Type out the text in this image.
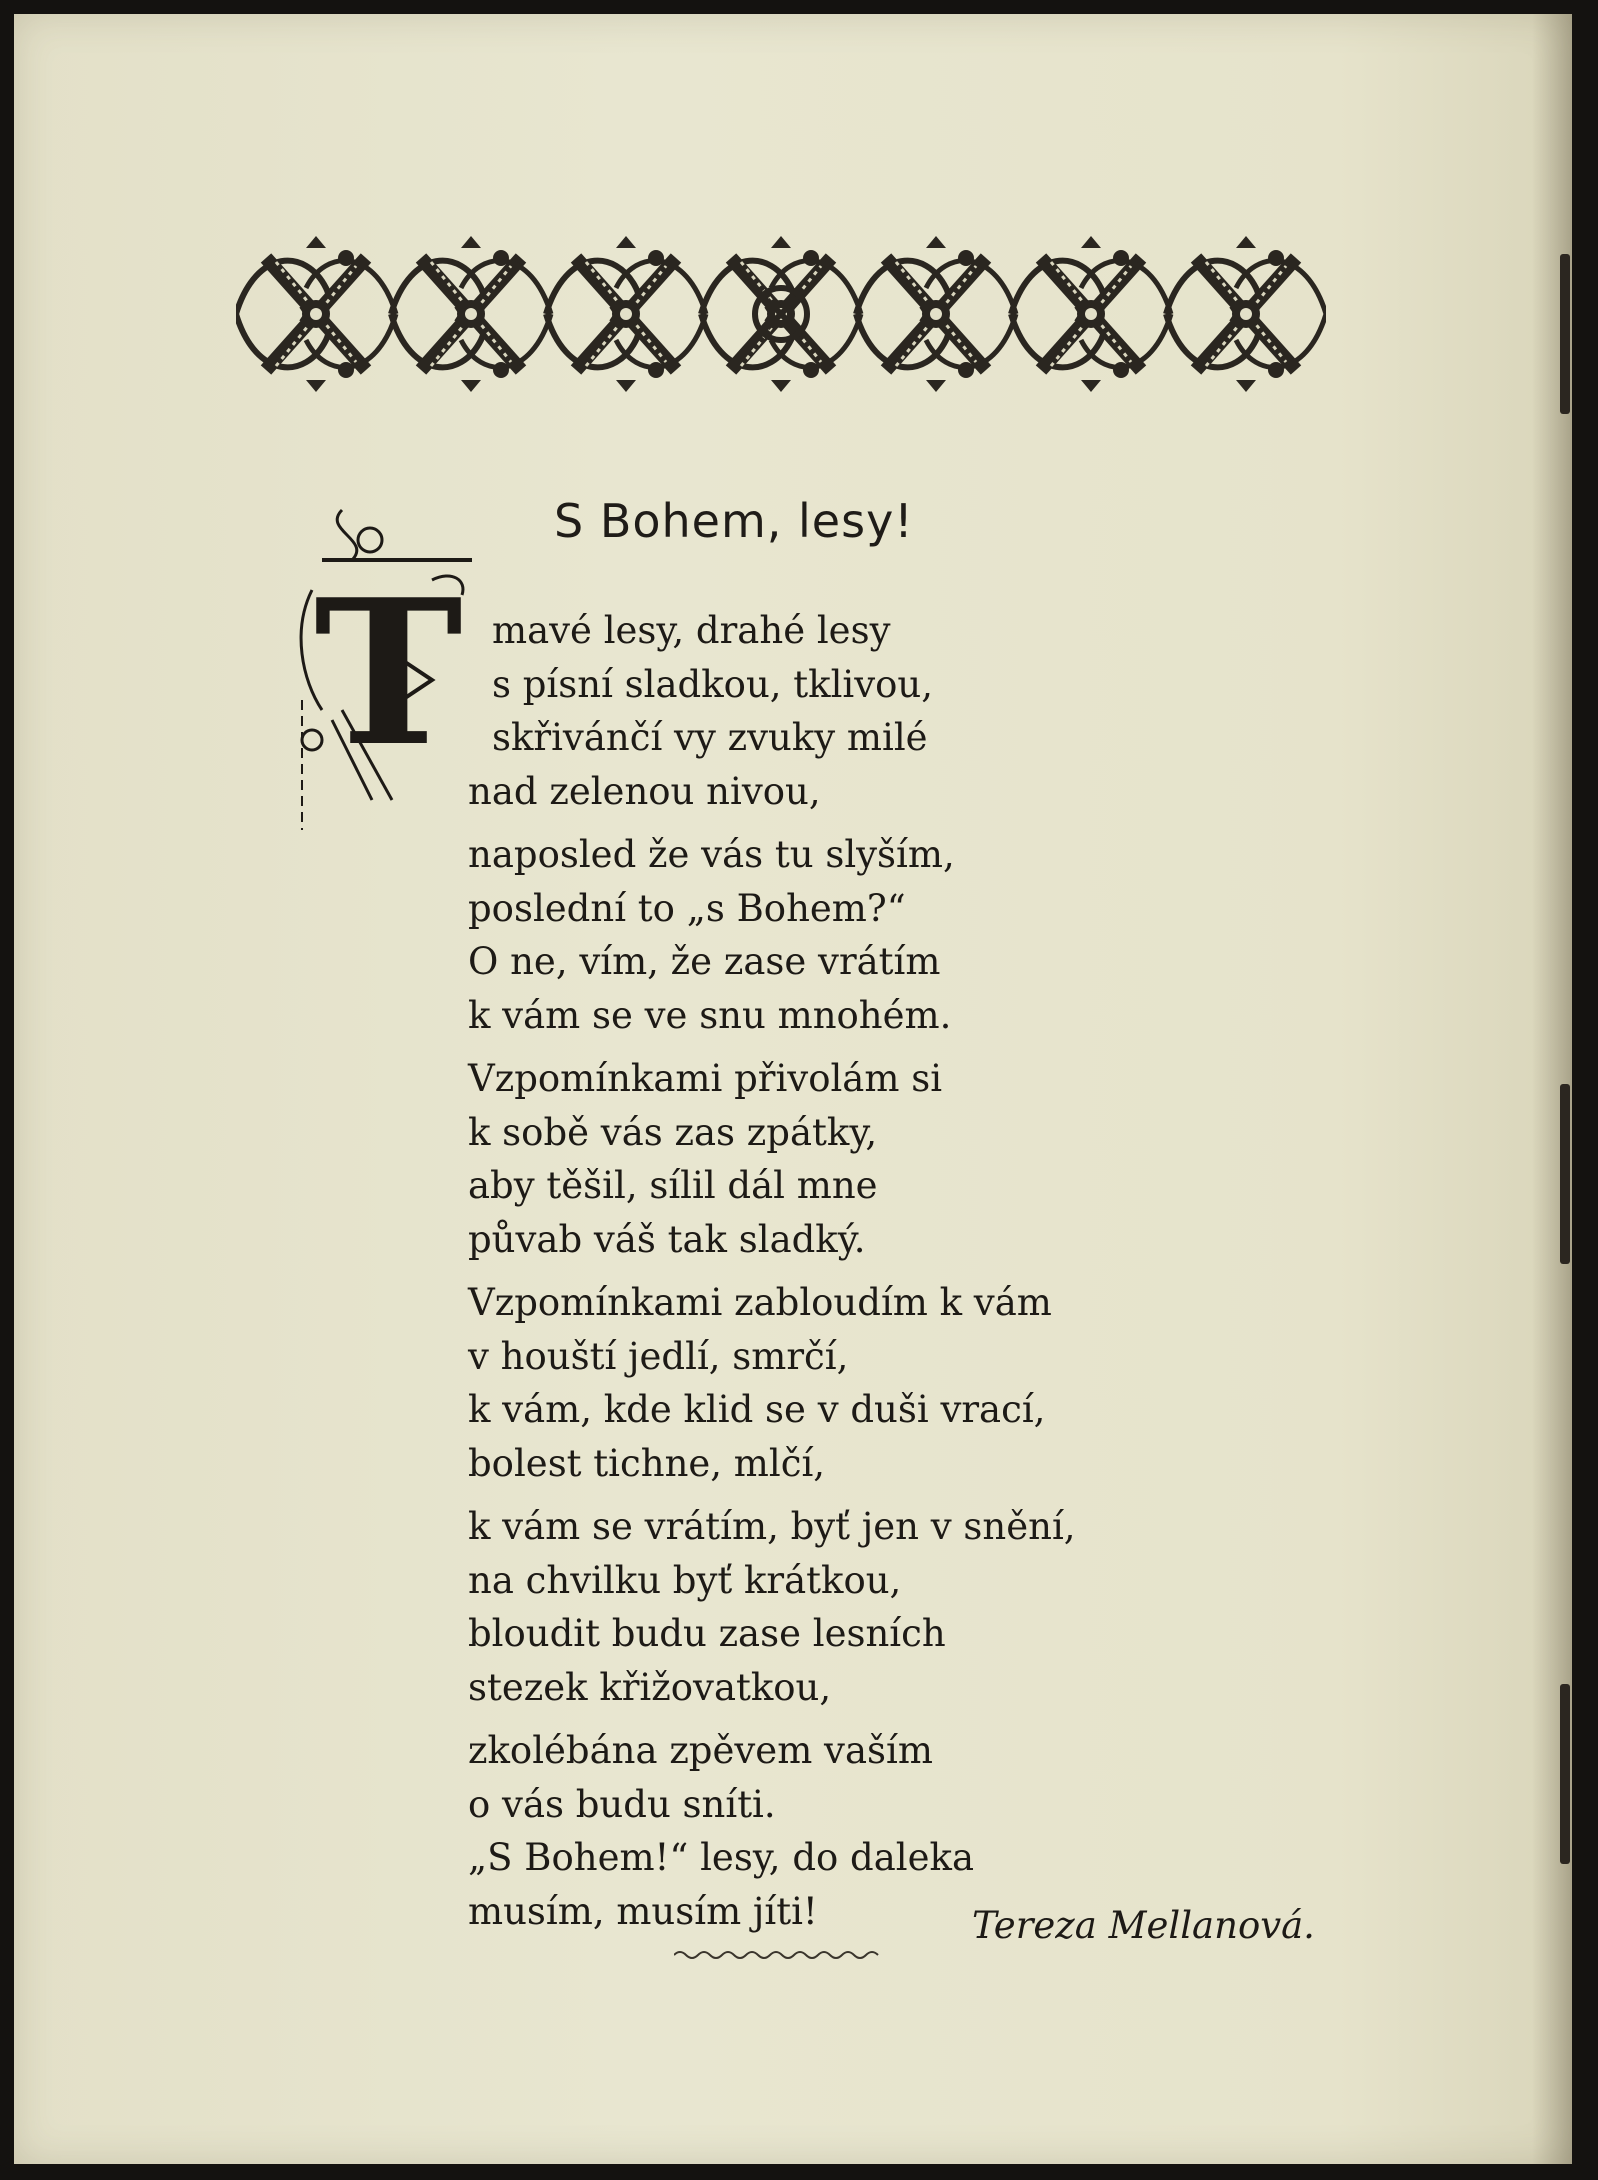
S Bohem, lesy!
T mavé lesy, drahé lesy
s písní sladkou, tklivou,
skřivánčí vy zvuky milé
nad zelenou nivou,
naposled že vás tu slyším,
poslední to „s Bohem?“
O ne, vím, že zase vrátím
k vám se ve snu mnohém.
Vzpomínkami přivolám si
k sobě vás zas zpátky,
aby těšil, sílil dál mne
půvab váš tak sladký.
Vzpomínkami zabloudím k vám
v houští jedlí, smrčí,
k vám, kde klid se v duši vrací,
bolest tichne, mlčí,
k vám se vrátím, byť jen v snění,
na chvilku byť krátkou,
bloudit budu zase lesních
stezek křižovatkou,
zkolébána zpěvem vaším
o vás budu sníti.
„S Bohem!“ lesy, do daleka
musím, musím jíti!	Tereza Mellanová.
